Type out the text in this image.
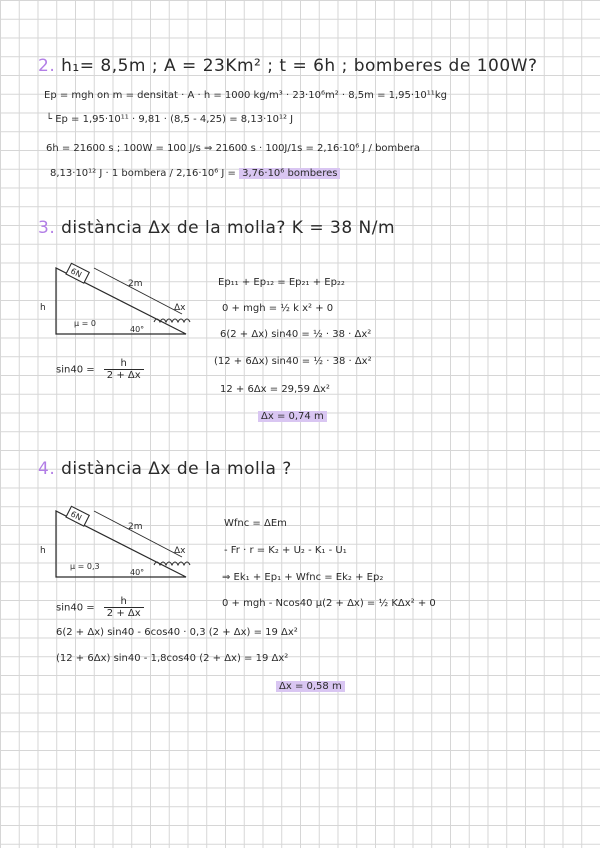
2. h₁= 8,5m ; A = 23Km² ; t = 6h ; bomberes de 100W?
Ep = mgh on m = densitat · A · h = 1000 kg/m³ · 23·10⁶m² · 8,5m = 1,95·10¹¹kg
└ Ep = 1,95·10¹¹ · 9,81 · (8,5 - 4,25) = 8,13·10¹² J
6h = 21600 s ; 100W = 100 J/s ⇒ 21600 s · 100J/1s = 2,16·10⁶ J / bombera
8,13·10¹² J · 1 bombera / 2,16·10⁶ J = 3,76·10⁶ bomberes
3. distància Δx de la molla? K = 38 N/m
6N
2m
Δx
h
μ = 0
40°
$\sin 40 = \frac{h}{2 + \Delta x}$
Ep₁₁ + Ep₁₂ = Ep₂₁ + Ep₂₂
0 + mgh = ½ k x² + 0
6(2 + Δx) sin40 = ½ · 38 · Δx²
(12 + 6Δx) sin40 = ½ · 38 · Δx²
12 + 6Δx = 29,59 Δx²
Δx = 0,74 m
4. distància Δx de la molla ?
6N
2m
Δx
h
μ = 0,3
40°
$\sin 40 = \frac{h}{2 + \Delta x}$
Wfnc = ΔEm
- Fr · r = K₂ + U₂ - K₁ - U₁
⇒ Ek₁ + Ep₁ + Wfnc = Ek₂ + Ep₂
0 + mgh - Ncos40 μ(2 + Δx) = ½ KΔx² + 0
6(2 + Δx) sin40 - 6cos40 · 0,3 (2 + Δx) = 19 Δx²
(12 + 6Δx) sin40 - 1,8cos40 (2 + Δx) = 19 Δx²
Δx = 0,58 m
